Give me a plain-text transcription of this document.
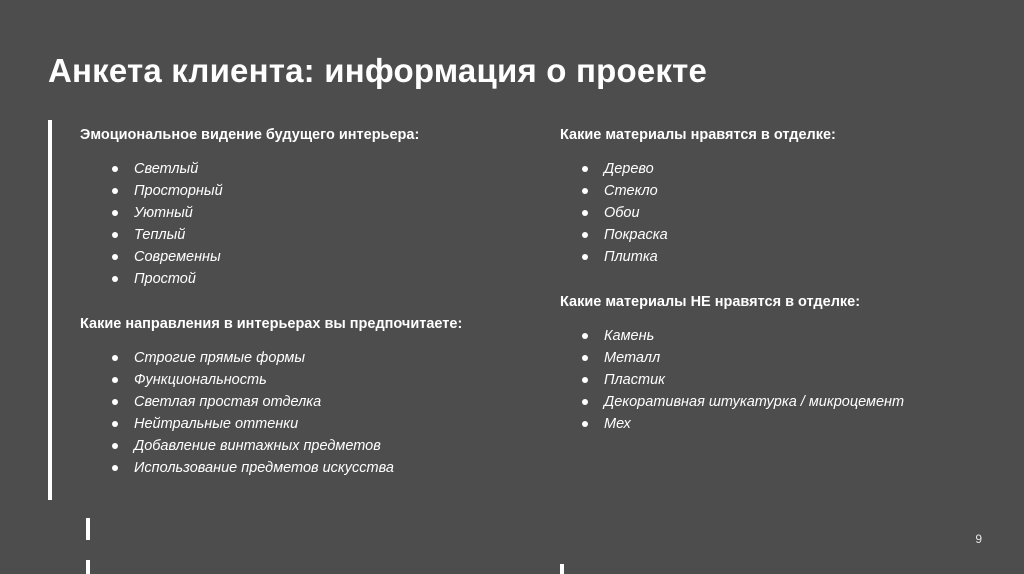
Анкета клиента: информация о проекте
Эмоциональное видение будущего интерьера:
Светлый
Просторный
Уютный
Теплый
Современны
Простой
Какие направления в интерьерах вы предпочитаете:
Строгие прямые формы
Функциональность
Светлая простая отделка
Нейтральные оттенки
Добавление винтажных предметов
Использование предметов искусства
Какие материалы нравятся в отделке:
Дерево
Стекло
Обои
Покраска
Плитка
Какие материалы НЕ нравятся в отделке:
Камень
Металл
Пластик
Декоративная штукатурка / микроцемент
Мех
9
